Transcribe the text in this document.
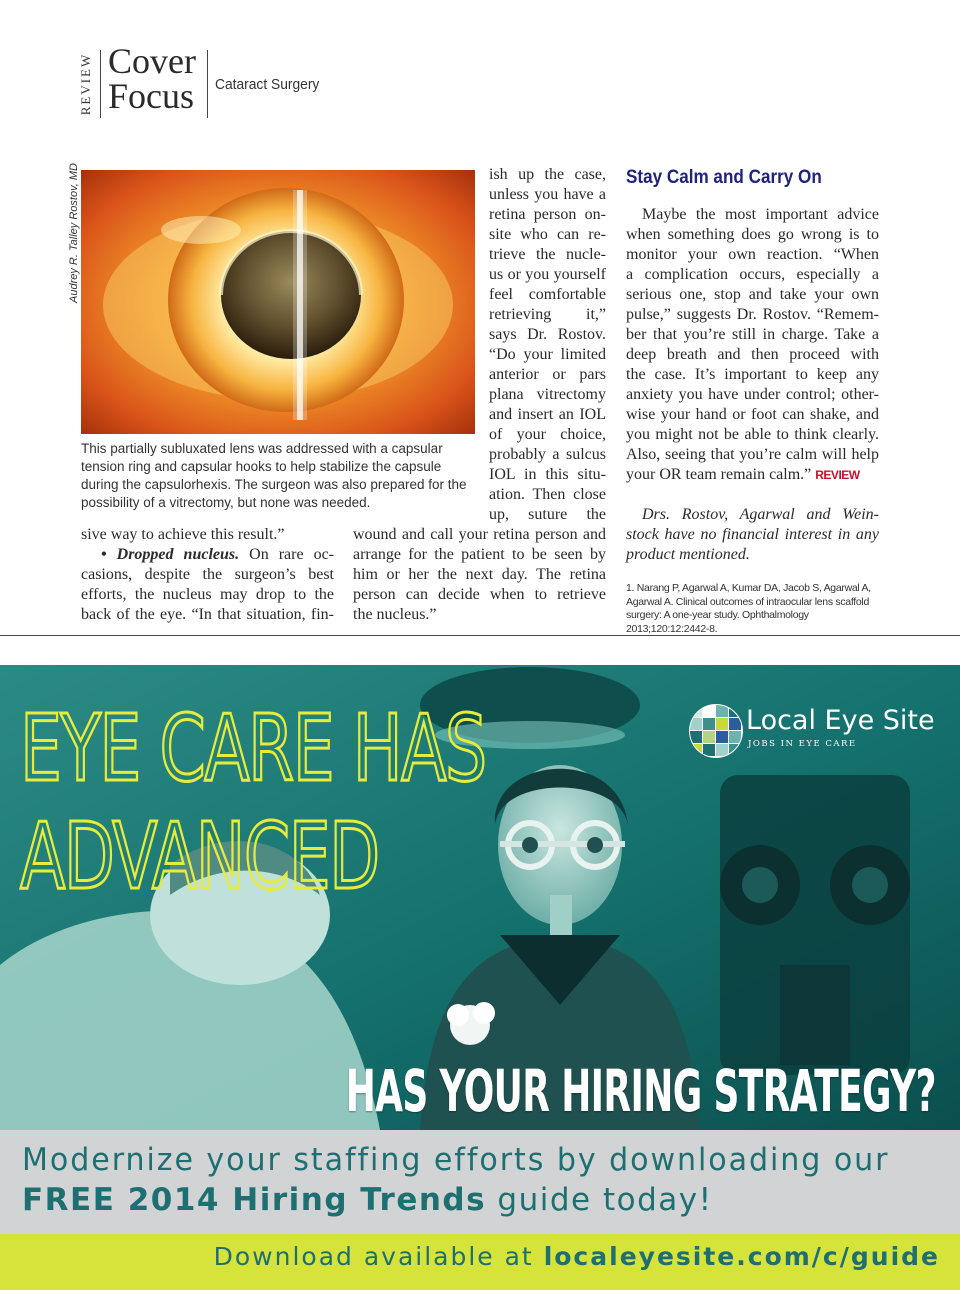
REVIEW Cover
Focus Cataract Surgery
Audrey R. Talley Rostov, MD
This partially subluxated lens was addressed with a capsular tension ring and capsular hooks to help stabilize the capsule during the capsulorhexis. The surgeon was also prepared for the possibility of a vitrectomy, but none was needed.
ish up the case,
unless you have a
retina person on-
site who can re-
trieve the nucle-
us or you yourself
feel comfortable
retrieving it,”
says Dr. Rostov.
“Do your limited
anterior or pars
plana vitrectomy
and insert an IOL
of your choice,
probably a sulcus
IOL in this situ-
ation. Then close
up, suture the
sive way to achieve this result.”
• Dropped nucleus. On rare oc-
casions, despite the surgeon’s best
efforts, the nucleus may drop to the
back of the eye. “In that situation, fin-
wound and call your retina person and
arrange for the patient to be seen by
him or her the next day. The retina
person can decide when to retrieve
the nucleus.”
Stay Calm and Carry On
Maybe the most important advice
when something does go wrong is to
monitor your own reaction. “When
a complication occurs, especially a
serious one, stop and take your own
pulse,” suggests Dr. Rostov. “Remem-
ber that you’re still in charge. Take a
deep breath and then proceed with
the case. It’s important to keep any
anxiety you have under control; other-
wise your hand or foot can shake, and
you might not be able to think clearly.
Also, seeing that you’re calm will help
your OR team remain calm.” REVIEW
Drs. Rostov, Agarwal and Wein-
stock have no financial interest in any
product mentioned.
1. Narang P, Agarwal A, Kumar DA, Jacob S, Agarwal A, Agarwal A. Clinical outcomes of intraocular lens scaffold surgery: A one-year study. Ophthalmology 2013;120:12:2442-8.
EYE CARE HAS
ADVANCED
Local Eye Site
JOBS IN EYE CARE
HAS YOUR HIRING STRATEGY?
Modernize your staffing efforts by downloading our
FREE 2014 Hiring Trends guide today!
Download available at localeyesite.com/c/guide
